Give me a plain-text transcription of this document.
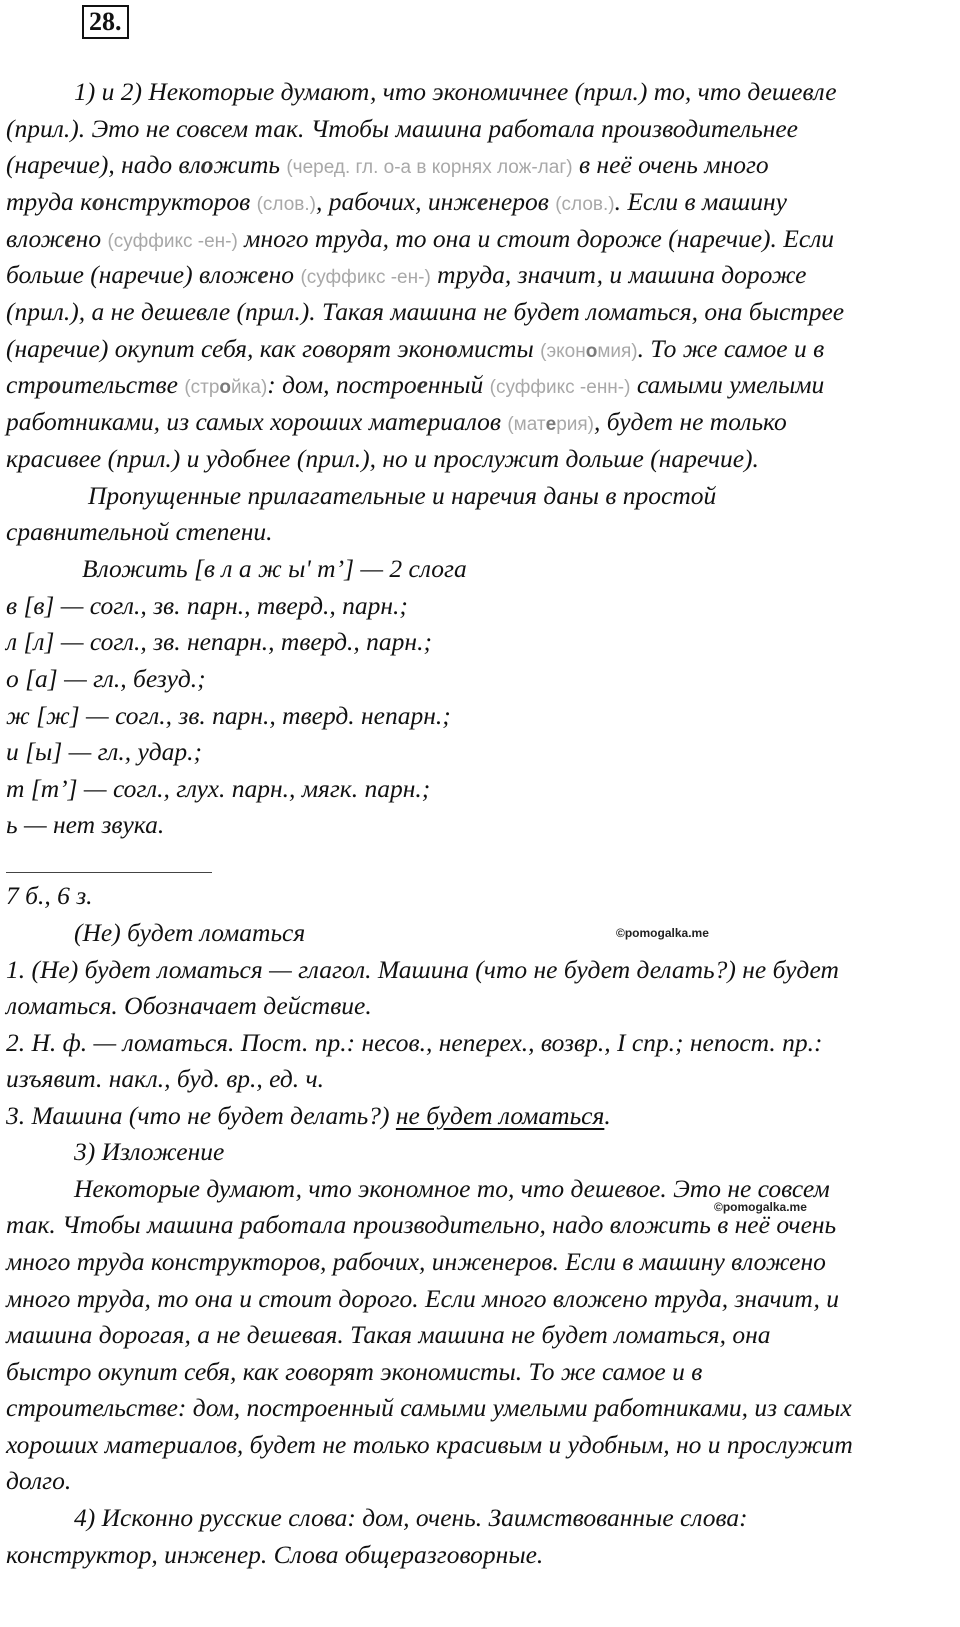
28.
1) и 2) Некоторые думают, что экономичнее (прил.) то, что дешевле
(прил.). Это не совсем так. Чтобы машина работала производительнее
(наречие), надо вложить (черед. гл. о-а в корнях лож-лаг) в неё очень много
труда конструкторов (слов.), рабочих, инженеров (слов.). Если в машину
вложено (суффикс -ен-) много труда, то она и стоит дороже (наречие). Если
больше (наречие) вложено (суффикс -ен-) труда, значит, и машина дороже
(прил.), а не дешевле (прил.). Такая машина не будет ломаться, она быстрее
(наречие) окупит себя, как говорят экономисты (экономия). То же самое и в
строительстве (стройка): дом, построенный (суффикс -енн-) самыми умелыми
работниками, из самых хороших материалов (материя), будет не только
красивее (прил.) и удобнее (прил.), но и прослужит дольше (наречие).
Пропущенные прилагательные и наречия даны в простой
сравнительной степени.
Вложить [в л а ж ы' т’] — 2 слога
в [в] — согл., зв. парн., тверд., парн.;
л [л] — согл., зв. непарн., тверд., парн.;
о [а] — гл., безуд.;
ж [ж] — согл., зв. парн., тверд. непарн.;
и [ы] — гл., удар.;
т [т’] — согл., глух. парн., мягк. парн.;
ь — нет звука.
7 б., 6 з.
(Не) будет ломаться	©pomogalka.me
1. (Не) будет ломаться — глагол. Машина (что не будет делать?) не будет
ломаться. Обозначает действие.
2. Н. ф. — ломаться. Пост. пр.: несов., неперех., возвр., I спр.; непост. пр.:
изъявит. накл., буд. вр., ед. ч.
3. Машина (что не будет делать?) не будет ломаться.
3) Изложение
Некоторые думают, что экономное то, что дешевое. Это не совсем
©pomogalka.me
так. Чтобы машина работала производительно, надо вложить в неё очень
много труда конструкторов, рабочих, инженеров. Если в машину вложено
много труда, то она и стоит дорого. Если много вложено труда, значит, и
машина дорогая, а не дешевая. Такая машина не будет ломаться, она
быстро окупит себя, как говорят экономисты. То же самое и в
строительстве: дом, построенный самыми умелыми работниками, из самых
хороших материалов, будет не только красивым и удобным, но и прослужит
долго.
4) Исконно русские слова: дом, очень. Заимствованные слова:
конструктор, инженер. Слова общеразговорные.
